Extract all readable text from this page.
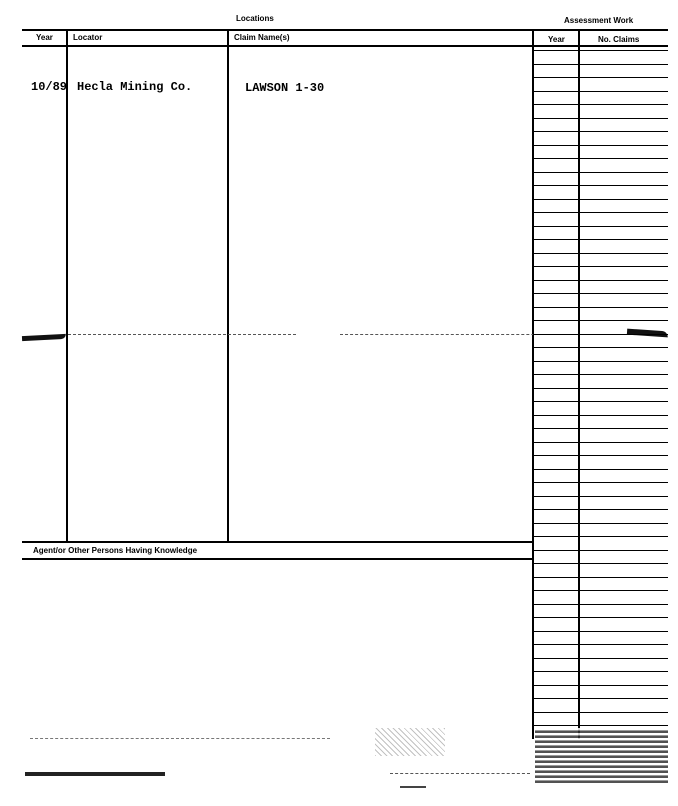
Locations	Assessment Work
Year	Locator	Claim Name(s)	Year	No. Claims
10/89 Hecla Mining Co.	LAWSON 1-30
Agent/or Other Persons Having Knowledge
